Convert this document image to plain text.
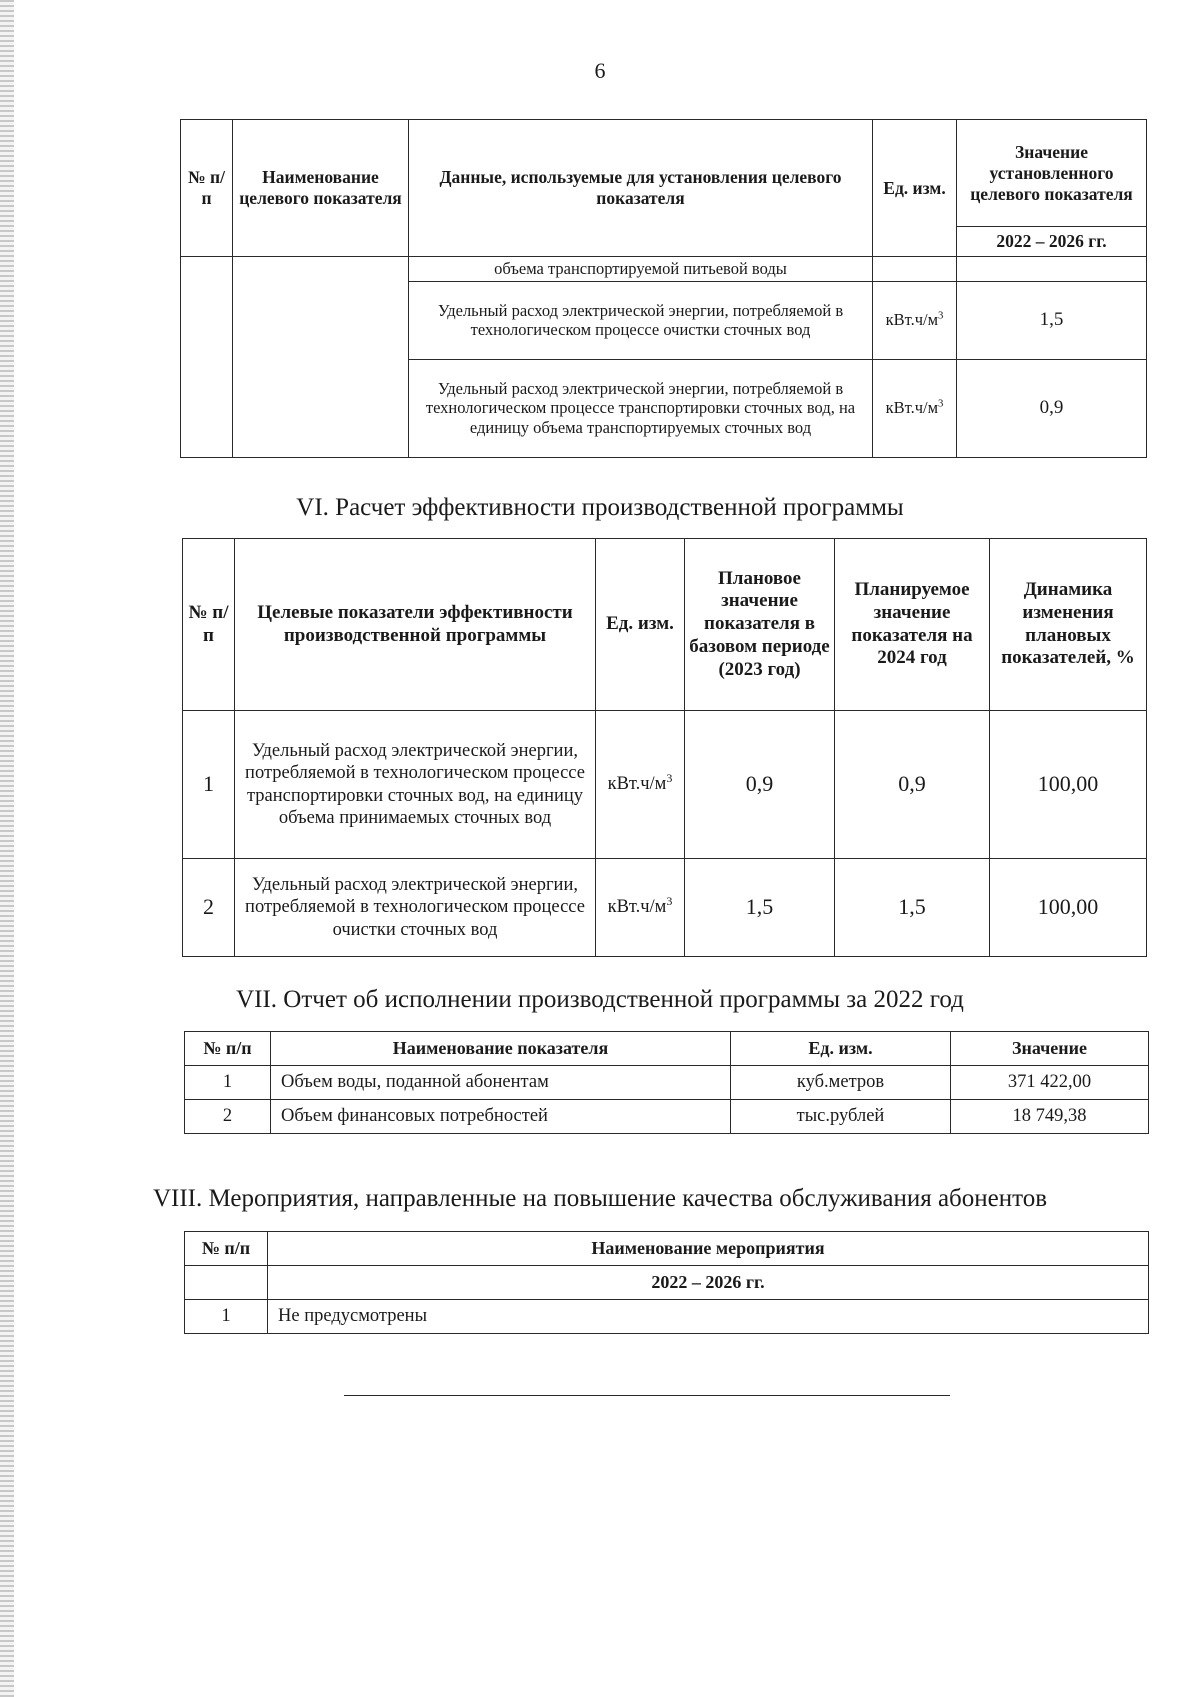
6
№ п/п	Наименование целевого показателя	Данные, используемые для установления целевого показателя	Ед. изм.	Значение установленного целевого показателя
				2022 – 2026 гг.
		объема транспортируемой питьевой воды		
		Удельный расход электрической энергии, потребляемой в технологическом процессе очистки сточных вод	$кВт.ч/м^3$	1,5
		Удельный расход электрической энергии, потребляемой в технологическом процессе транспортировки сточных вод, на единицу объема транспортируемых сточных вод	$кВт.ч/м^3$	0,9
VI. Расчет эффективности производственной программы
№ п/п	Целевые показатели эффективности производственной программы	Ед. изм.	Плановое значение показателя в базовом периоде (2023 год)	Планируемое значение показателя на 2024 год	Динамика изменения плановых показателей, %
1	Удельный расход электрической энергии, потребляемой в технологическом процессе транспортировки сточных вод, на единицу объема принимаемых сточных вод	$кВт.ч/м^3$	0,9	0,9	100,00
2	Удельный расход электрической энергии, потребляемой в технологическом процессе очистки сточных вод	$кВт.ч/м^3$	1,5	1,5	100,00
VII. Отчет об исполнении производственной программы за 2022 год
№ п/п	Наименование показателя	Ед. изм.	Значение
1	Объем воды, поданной абонентам	куб.метров	371 422,00
2	Объем финансовых потребностей	тыс.рублей	18 749,38
VIII. Мероприятия, направленные на повышение качества обслуживания абонентов
№ п/п	Наименование мероприятия
	2022 – 2026 гг.
1	Не предусмотрены
